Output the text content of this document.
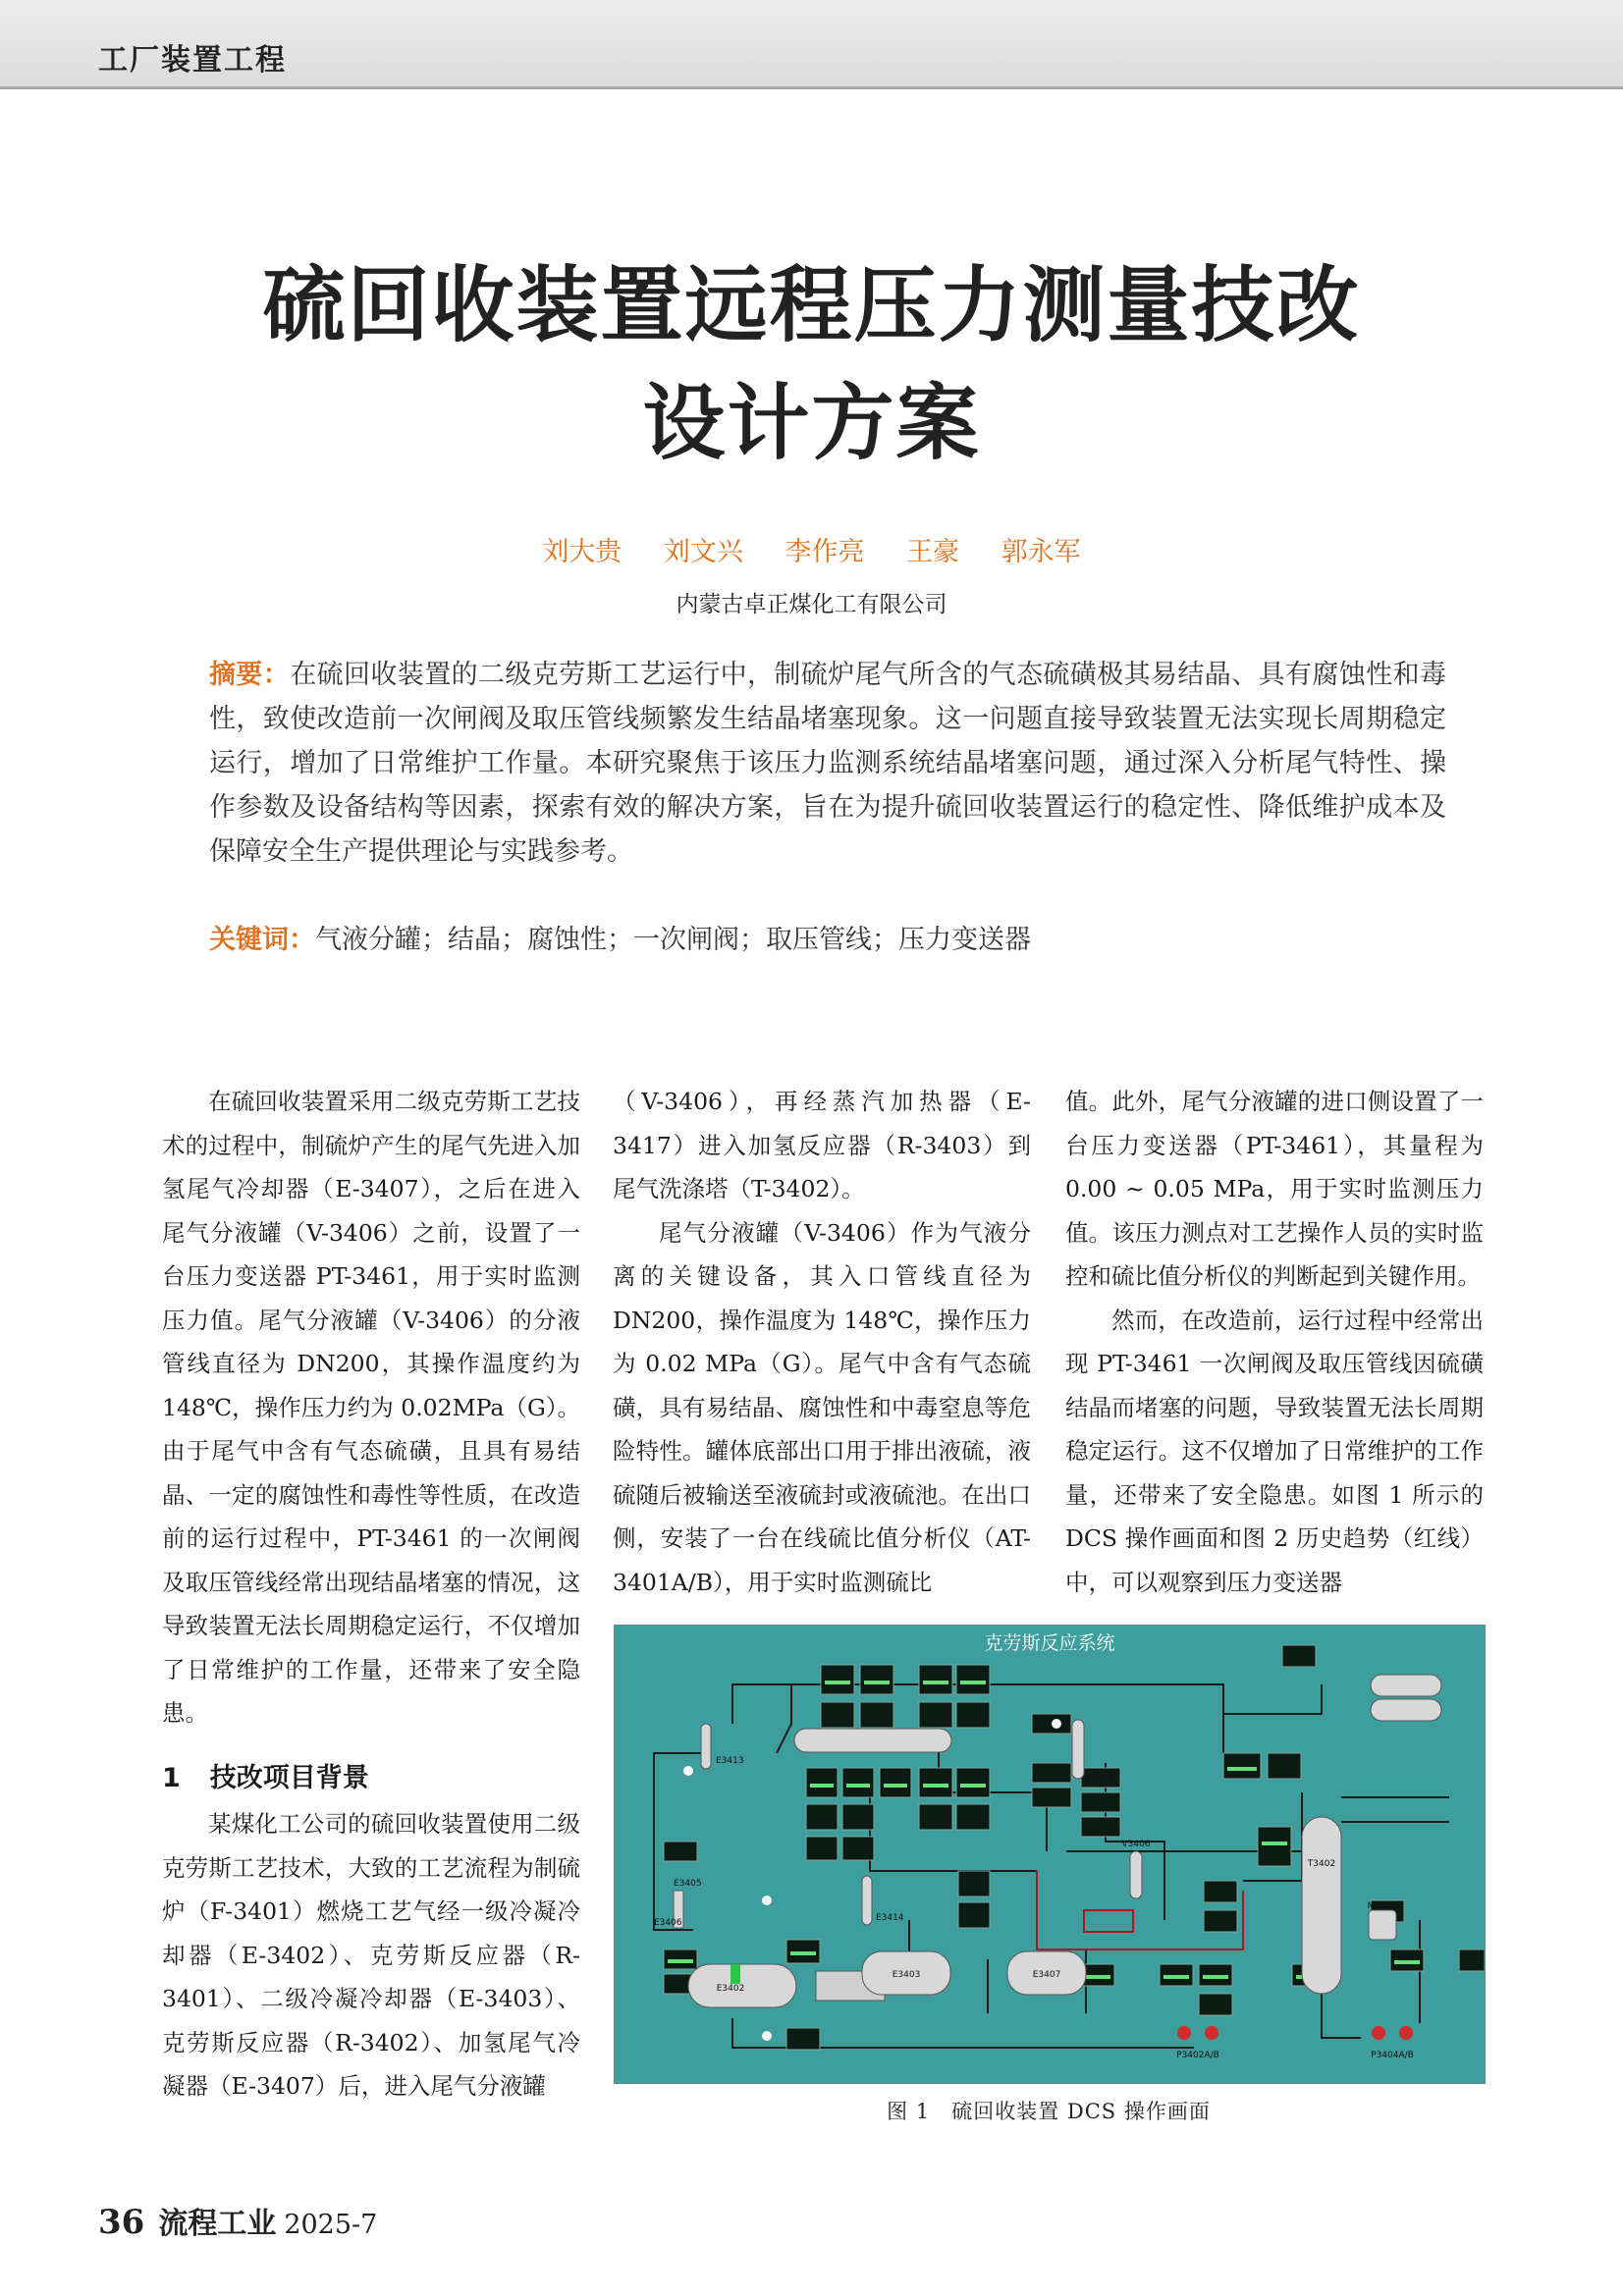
工厂装置工程
硫回收装置远程压力测量技改
设计方案
刘大贵 刘文兴 李作亮 王豪 郭永军
内蒙古卓正煤化工有限公司
摘要：在硫回收装置的二级克劳斯工艺运行中，制硫炉尾气所含的气态硫磺极其易结晶、具有腐蚀性和毒性，致使改造前一次闸阀及取压管线频繁发生结晶堵塞现象。这一问题直接导致装置无法实现长周期稳定运行，增加了日常维护工作量。本研究聚焦于该压力监测系统结晶堵塞问题，通过深入分析尾气特性、操作参数及设备结构等因素，探索有效的解决方案，旨在为提升硫回收装置运行的稳定性、降低维护成本及保障安全生产提供理论与实践参考。
关键词：气液分罐；结晶；腐蚀性；一次闸阀；取压管线；压力变送器

在硫回收装置采用二级克劳斯工艺技术的过程中，制硫炉产生的尾气先进入加氢尾气冷却器（E-3407），之后在进入尾气分液罐（V-3406）之前，设置了一台压力变送器 PT-3461，用于实时监测压力值。尾气分液罐（V-3406）的分液管线直径为 DN200，其操作温度约为 148℃，操作压力约为 0.02MPa（G）。由于尾气中含有气态硫磺，且具有易结晶、一定的腐蚀性和毒性等性质，在改造前的运行过程中，PT-3461 的一次闸阀及取压管线经常出现结晶堵塞的情况，这导致装置无法长周期稳定运行，不仅增加了日常维护的工作量，还带来了安全隐患。

1 技改项目背景

某煤化工公司的硫回收装置使用二级克劳斯工艺技术，大致的工艺流程为制硫炉（F-3401）燃烧工艺气经一级冷凝冷却器（E-3402）、克劳斯反应器（R-3401）、二级冷凝冷却器（E-3403）、克劳斯反应器（R-3402）、加氢尾气冷凝器（E-3407）后，进入尾气分液罐

（V-3406），再经蒸汽加热器（E-3417）进入加氢反应器（R-3403）到尾气洗涤塔（T-3402）。

尾气分液罐（V-3406）作为气液分离的关键设备，其入口管线直径为 DN200，操作温度为 148℃，操作压力为 0.02 MPa（G）。尾气中含有气态硫磺，具有易结晶、腐蚀性和中毒窒息等危险特性。罐体底部出口用于排出液硫，液硫随后被输送至液硫封或液硫池。在出口侧，安装了一台在线硫比值分析仪（AT-3401A/B），用于实时监测硫比

值。此外，尾气分液罐的进口侧设置了一台压力变送器（PT-3461），其量程为 0.00 ~ 0.05 MPa，用于实时监测压力值。该压力测点对工艺操作人员的实时监控和硫比值分析仪的判断起到关键作用。

然而，在改造前，运行过程中经常出现 PT-3461 一次闸阀及取压管线因硫磺结晶而堵塞的问题，导致装置无法长周期稳定运行。这不仅增加了日常维护的工作量，还带来了安全隐患。如图 1 所示的 DCS 操作画面和图 2 历史趋势（红线）中，可以观察到压力变送器

克劳斯反应系统
E3402
E3403	E3407
E3406
E3413
E3414
E3417
E3405
T3402
V3406
M3405
P3402A/B	P3404A/B
图 1　硫回收装置 DCS 操作画面
36 流程工业 2025-7
